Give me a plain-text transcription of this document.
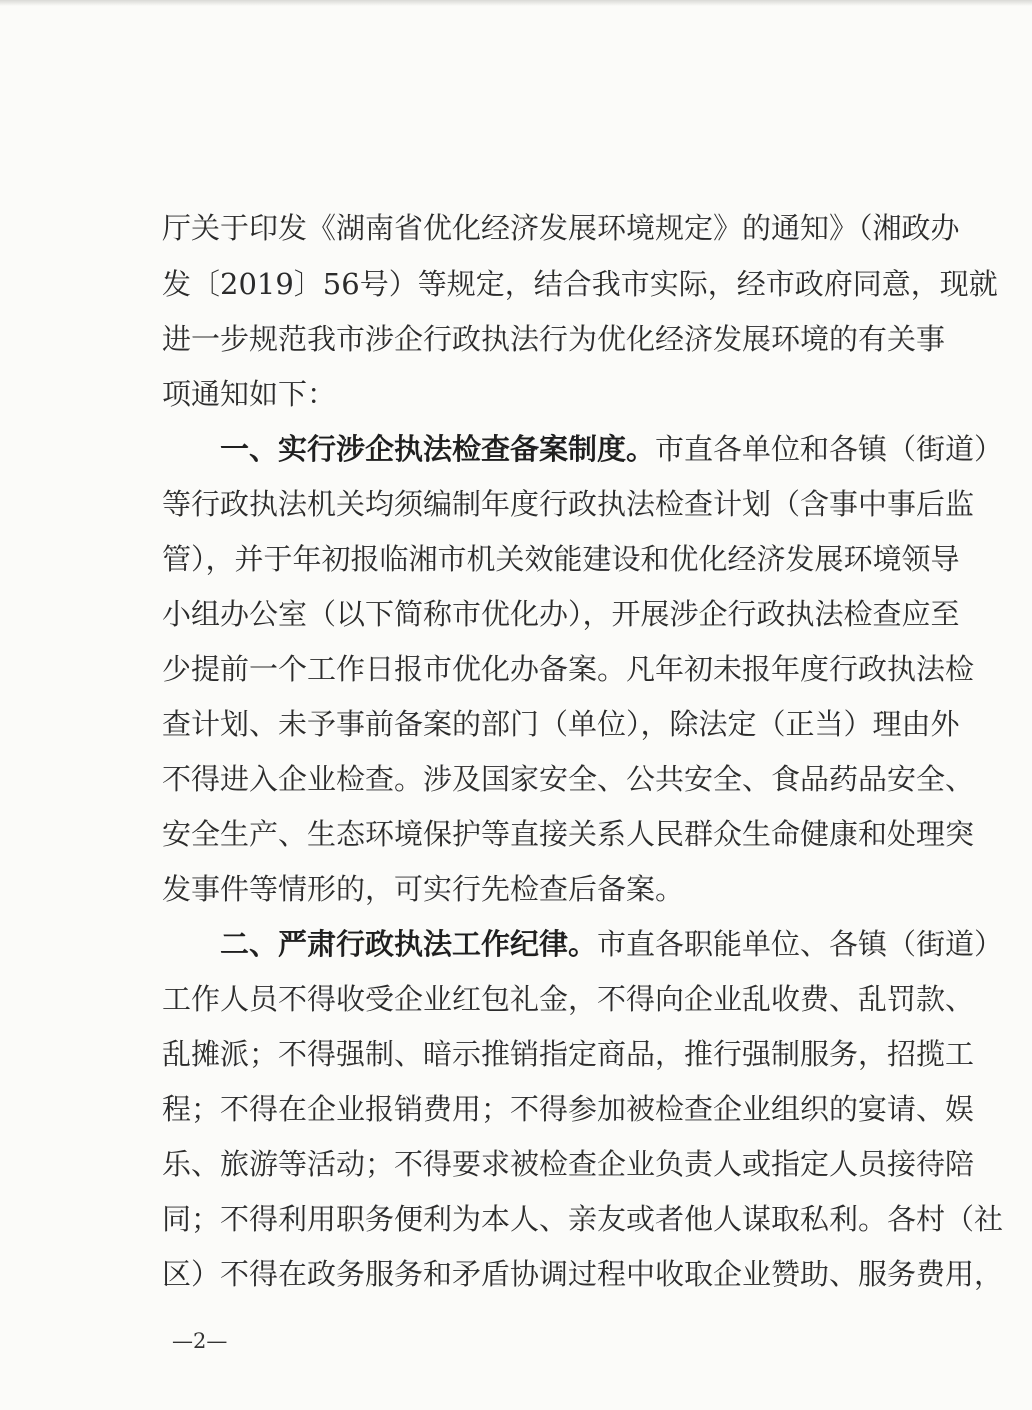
厅关于印发《湖南省优化经济发展环境规定》的通知》（湘政办
发〔2019〕56号）等规定，结合我市实际，经市政府同意，现就
进一步规范我市涉企行政执法行为优化经济发展环境的有关事
项通知如下：
一、实行涉企执法检查备案制度。市直各单位和各镇（街道）
等行政执法机关均须编制年度行政执法检查计划（含事中事后监
管），并于年初报临湘市机关效能建设和优化经济发展环境领导
小组办公室（以下简称市优化办），开展涉企行政执法检查应至
少提前一个工作日报市优化办备案。凡年初未报年度行政执法检
查计划、未予事前备案的部门（单位），除法定（正当）理由外
不得进入企业检查。涉及国家安全、公共安全、食品药品安全、
安全生产、生态环境保护等直接关系人民群众生命健康和处理突
发事件等情形的，可实行先检查后备案。
二、严肃行政执法工作纪律。市直各职能单位、各镇（街道）
工作人员不得收受企业红包礼金，不得向企业乱收费、乱罚款、
乱摊派；不得强制、暗示推销指定商品，推行强制服务，招揽工
程；不得在企业报销费用；不得参加被检查企业组织的宴请、娱
乐、旅游等活动；不得要求被检查企业负责人或指定人员接待陪
同；不得利用职务便利为本人、亲友或者他人谋取私利。各村（社
区）不得在政务服务和矛盾协调过程中收取企业赞助、服务费用，
—2—
